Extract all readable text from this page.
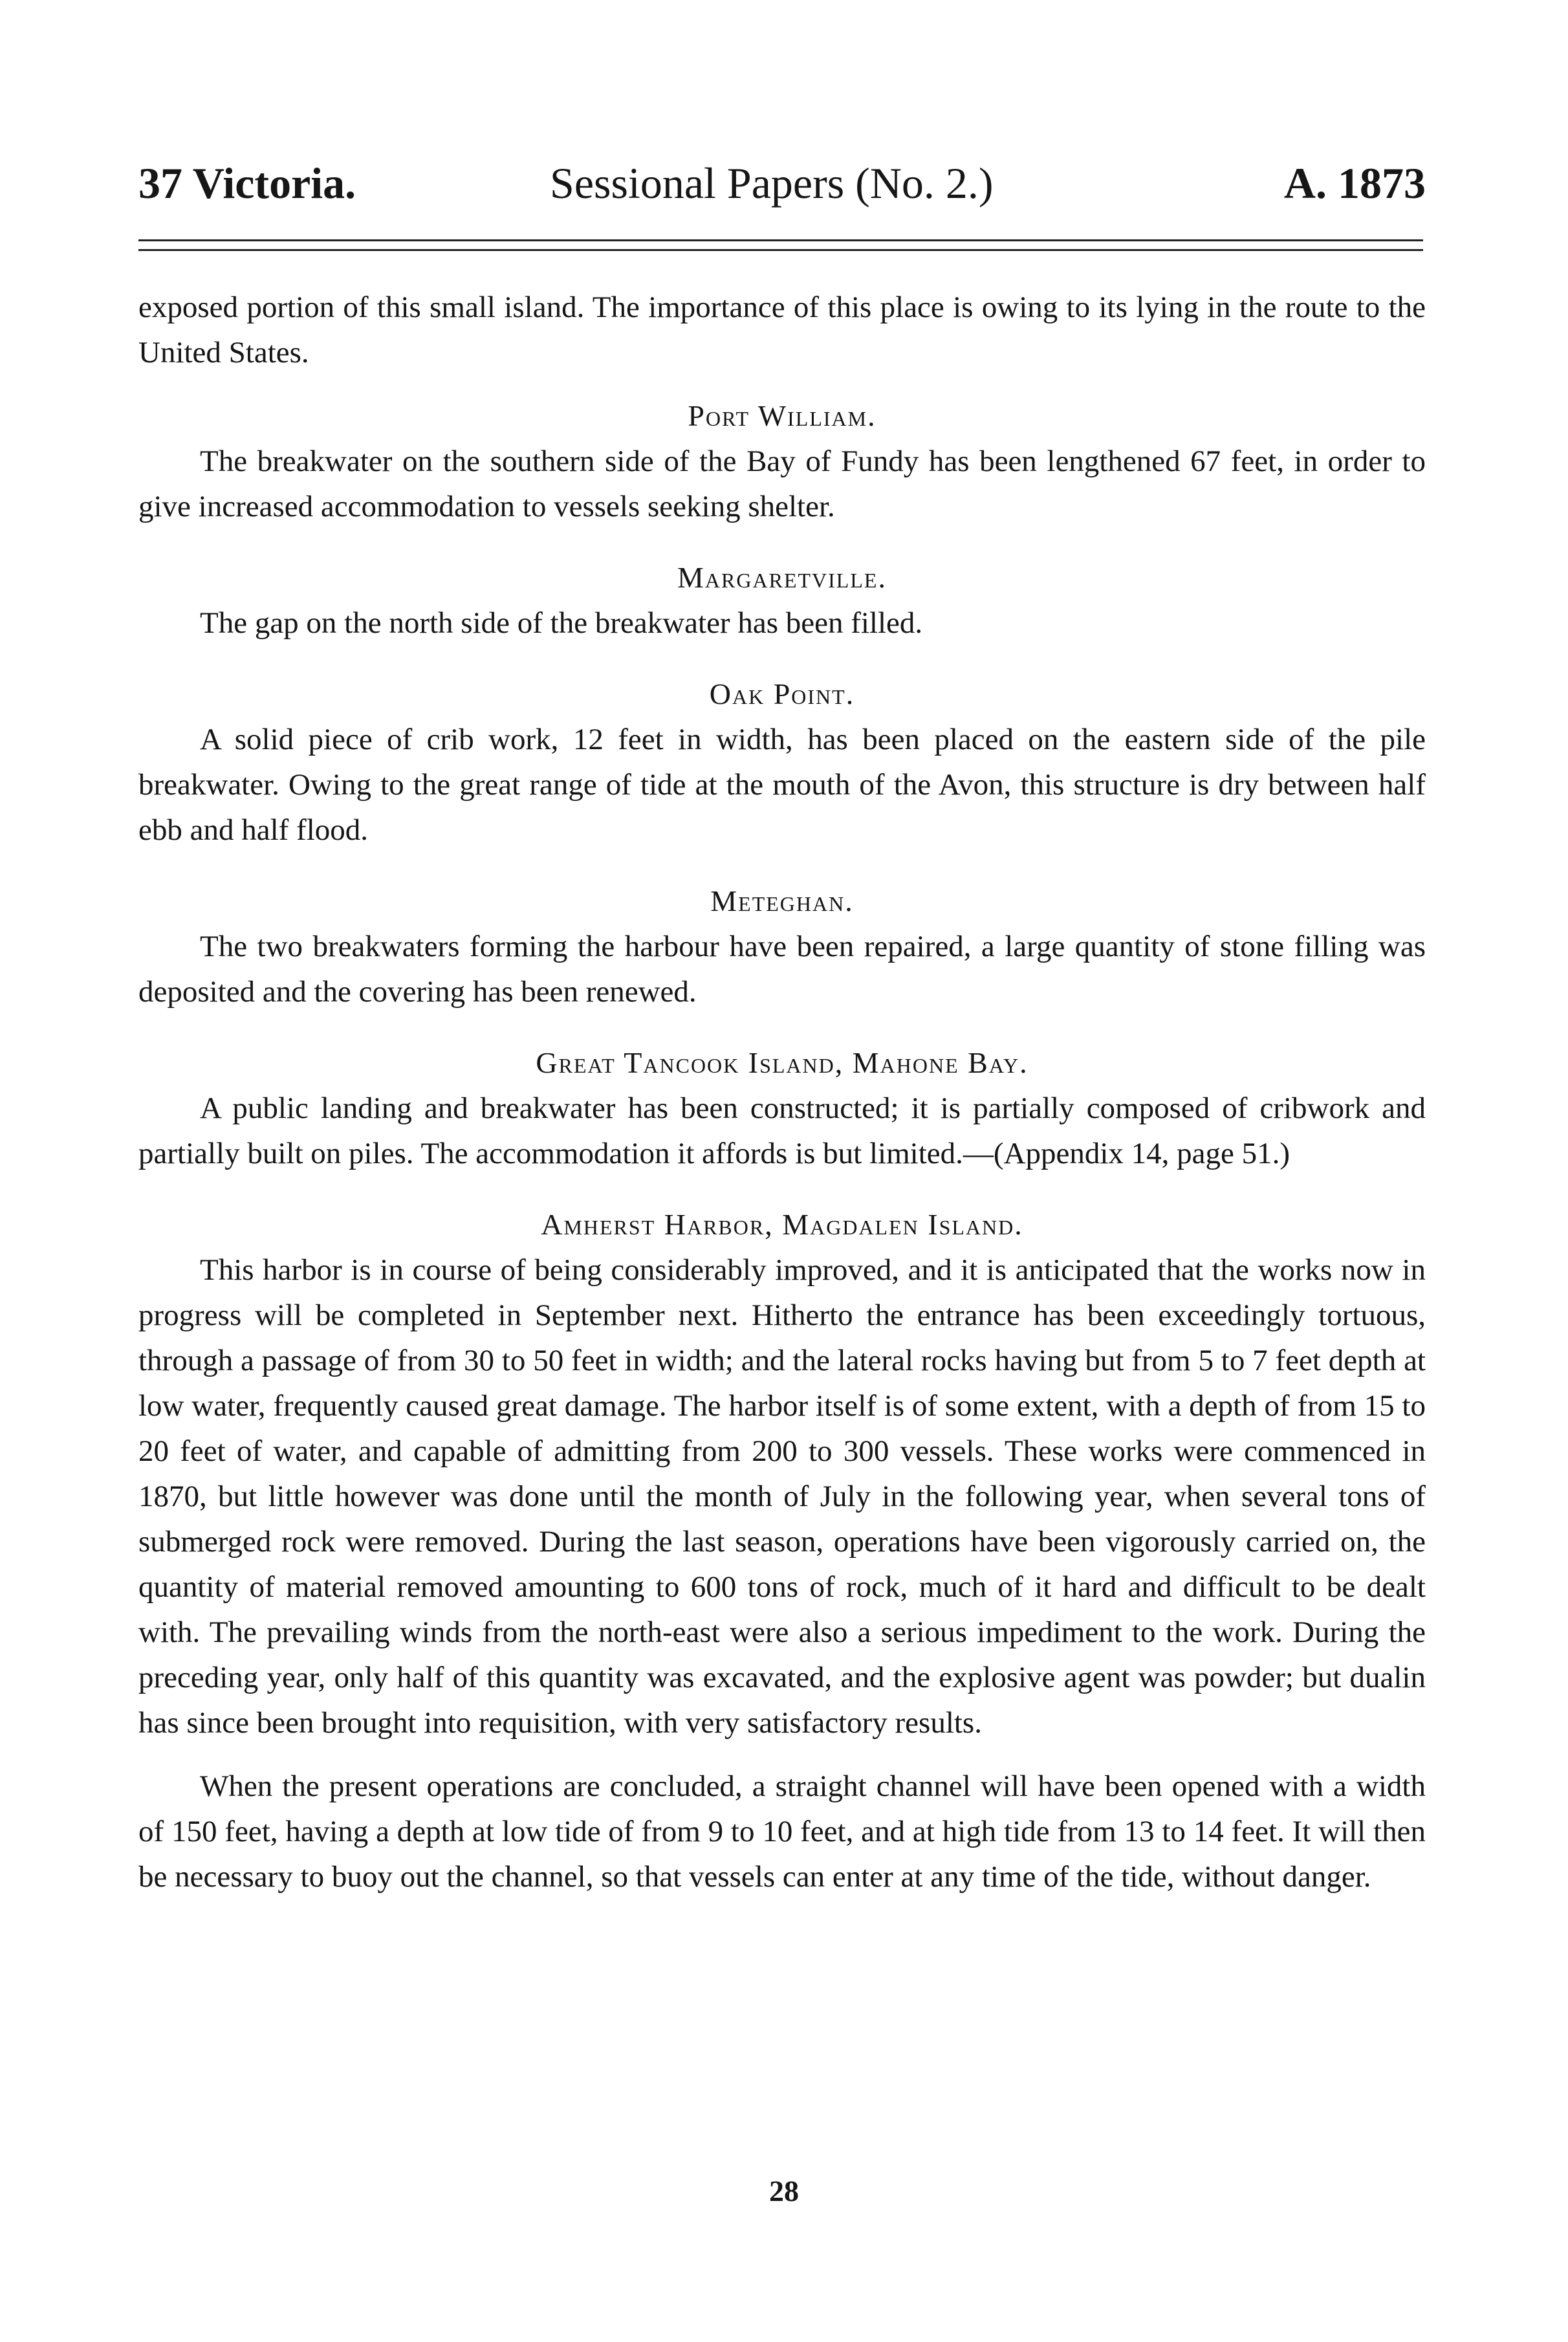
37 Victoria.	Sessional Papers (No. 2.)	A. 1873

exposed portion of this small island. The importance of this place is owing to its lying in the route to the United States.

Port William.

The breakwater on the southern side of the Bay of Fundy has been lengthened 67 feet, in order to give increased accommodation to vessels seeking shelter.

Margaretville.

The gap on the north side of the breakwater has been filled.

Oak Point.

A solid piece of crib work, 12 feet in width, has been placed on the eastern side of the pile breakwater. Owing to the great range of tide at the mouth of the Avon, this structure is dry between half ebb and half flood.

Meteghan.

The two breakwaters forming the harbour have been repaired, a large quantity of stone filling was deposited and the covering has been renewed.

Great Tancook Island, Mahone Bay.

A public landing and breakwater has been constructed; it is partially composed of cribwork and partially built on piles. The accommodation it affords is but limited.—(Appendix 14, page 51.)

Amherst Harbor, Magdalen Island.

This harbor is in course of being considerably improved, and it is anticipated that the works now in progress will be completed in September next. Hitherto the entrance has been exceedingly tortuous, through a passage of from 30 to 50 feet in width; and the lateral rocks having but from 5 to 7 feet depth at low water, frequently caused great damage. The harbor itself is of some extent, with a depth of from 15 to 20 feet of water, and capable of admitting from 200 to 300 vessels. These works were commenced in 1870, but little however was done until the month of July in the following year, when several tons of submerged rock were removed. During the last season, operations have been vigorously carried on, the quantity of material removed amounting to 600 tons of rock, much of it hard and difficult to be dealt with. The prevailing winds from the north-east were also a serious impediment to the work. During the preceding year, only half of this quantity was excavated, and the explosive agent was powder; but dualin has since been brought into requisition, with very satisfactory results.

When the present operations are concluded, a straight channel will have been opened with a width of 150 feet, having a depth at low tide of from 9 to 10 feet, and at high tide from 13 to 14 feet. It will then be necessary to buoy out the channel, so that vessels can enter at any time of the tide, without danger.

28
